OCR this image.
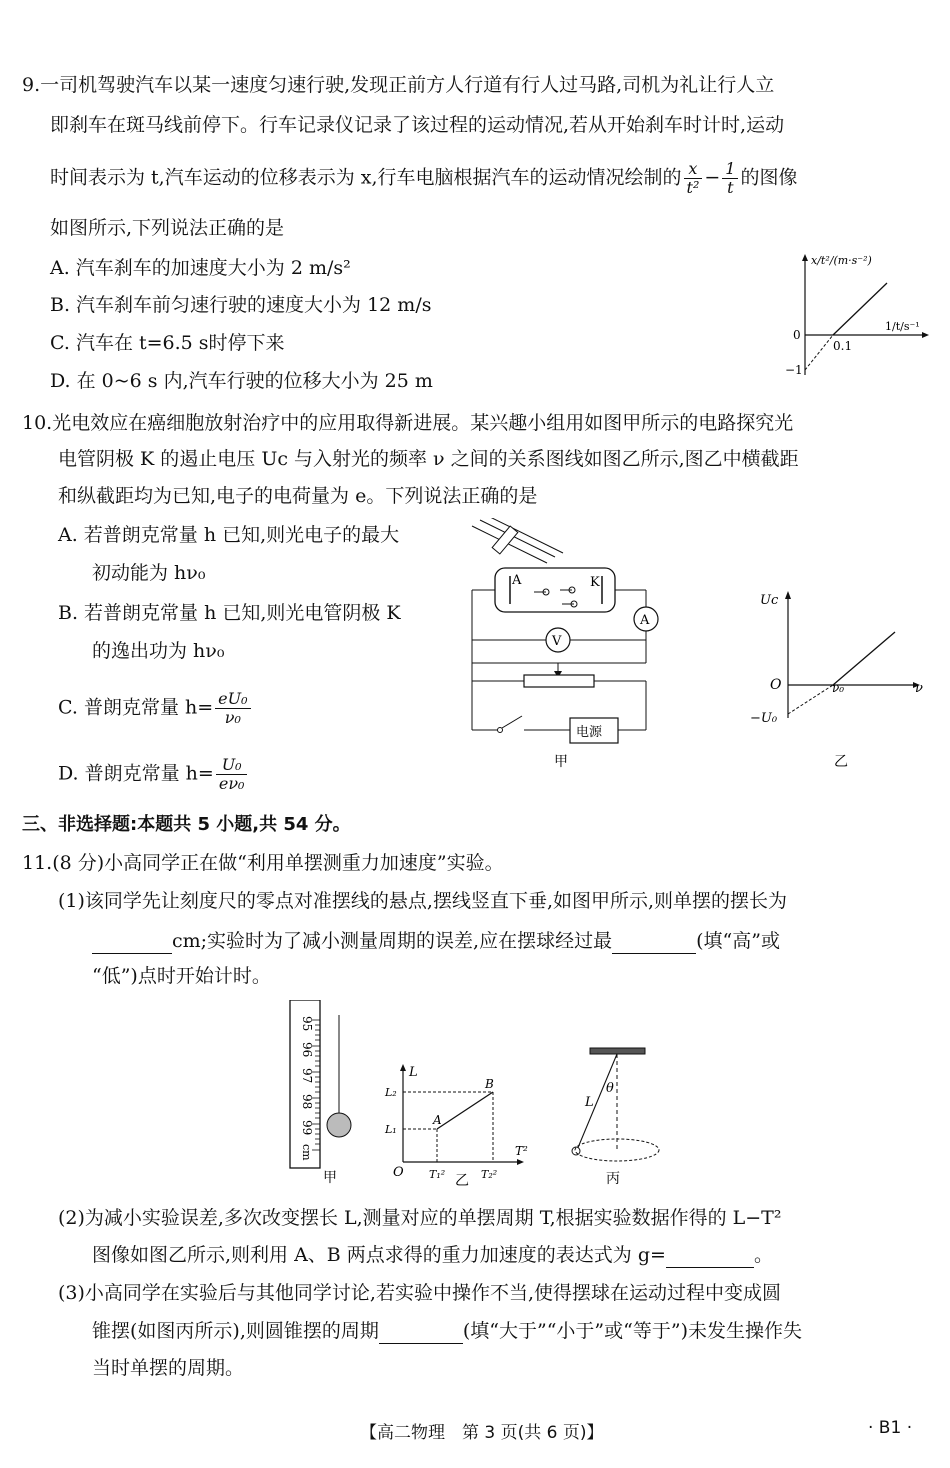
9.一司机驾驶汽车以某一速度匀速行驶,发现正前方人行道有行人过马路,司机为礼让行人立
即刹车在斑马线前停下。行车记录仪记录了该过程的运动情况,若从开始刹车时计时,运动
时间表示为 t,汽车运动的位移表示为 x,行车电脑根据汽车的运动情况绘制的 $\frac{x}{\text{t²}} - \frac{1}{t}$ 的图像
如图所示,下列说法正确的是
A. 汽车刹车的加速度大小为 2 m/s²
B. 汽车刹车前匀速行驶的速度大小为 12 m/s
C. 汽车在 t=6.5 s时停下来
D. 在 0~6 s 内,汽车行驶的位移大小为 25 m
x/t²/(m·s⁻²)
1/t/s⁻¹
0
0.1
−1
10.光电效应在癌细胞放射治疗中的应用取得新进展。某兴趣小组用如图甲所示的电路探究光
电管阴极 K 的遏止电压 Uc 与入射光的频率 ν 之间的关系图线如图乙所示,图乙中横截距
和纵截距均为已知,电子的电荷量为 e。下列说法正确的是
A. 若普朗克常量 h 已知,则光电子的最大
初动能为 hν₀
B. 若普朗克常量 h 已知,则光电管阴极 K
的逸出功为 hν₀
C. 普朗克常量 $h= \frac{\text{eU₀}}{\text{ν₀}}$
D. 普朗克常量 $h= \frac{\text{U₀}}{\text{eν₀}}$
A	K
A
V
电源
甲
Uc
ν
O	ν₀
−U₀
乙
三、非选择题:本题共 5 小题,共 54 分。
11.(8 分)小高同学正在做“利用单摆测重力加速度”实验。
(1)该同学先让刻度尺的零点对准摆线的悬点,摆线竖直下垂,如图甲所示,则单摆的摆长为
cm;实验时为了减小测量周期的误差,应在摆球经过最	(填“高”或
“低”)点时开始计时。
95
96
97
98
99
cm
甲
L
T²
O
L₁
L₂
T₁²	T₂²
A
B
乙
L
θ
丙
(2)为减小实验误差,多次改变摆长 L,测量对应的单摆周期 T,根据实验数据作得的 L−T²
图像如图乙所示,则利用 A、B 两点求得的重力加速度的表达式为 g=	。
(3)小高同学在实验后与其他同学讨论,若实验中操作不当,使得摆球在运动过程中变成圆
锥摆(如图丙所示),则圆锥摆的周期	(填“大于”“小于”或“等于”)未发生操作失
当时单摆的周期。
【高二物理　第 3 页(共 6 页)】	· B1 ·
